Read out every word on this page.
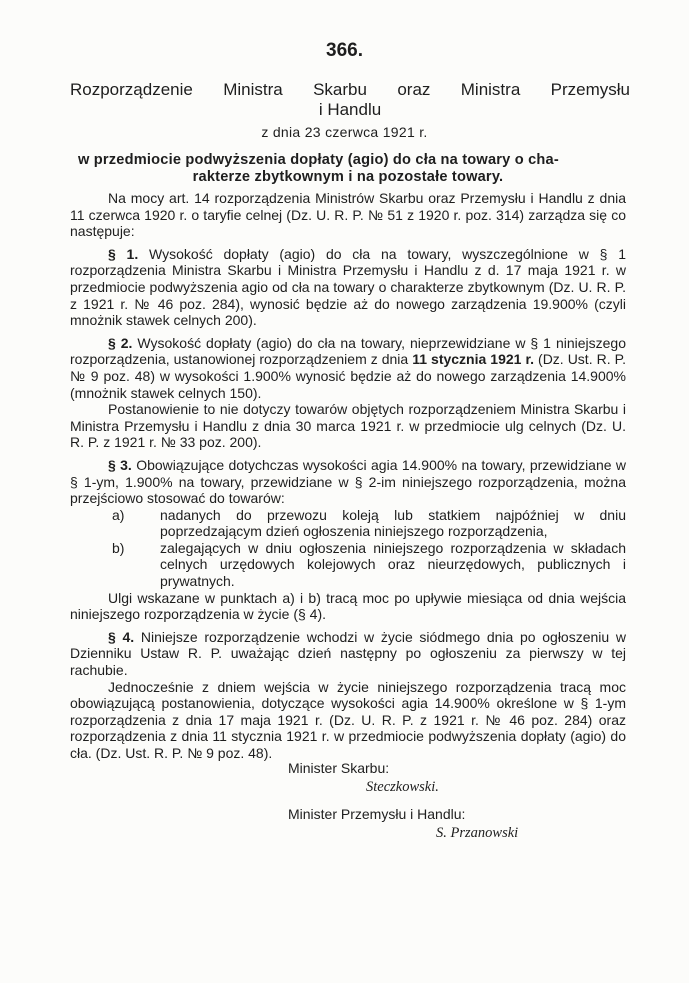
366.
Rozporządzenie Ministra Skarbu oraz Ministra Przemysłu
i Handlu
z dnia 23 czerwca 1921 r.
w przedmiocie podwyższenia dopłaty (agio) do cła na towary o cha-
rakterze zbytkownym i na pozostałe towary.

Na mocy art. 14 rozporządzenia Ministrów Skarbu oraz Przemysłu i Handlu z dnia 11 czerwca 1920 r. o taryfie celnej (Dz. U. R. P. № 51 z 1920 r. poz. 314) zarządza się co następuje:

§ 1. Wysokość dopłaty (agio) do cła na towary, wyszczególnione w § 1 rozporządzenia Ministra Skarbu i Ministra Przemysłu i Handlu z d. 17 maja 1921 r. w przedmiocie podwyższenia agio od cła na towary o charakterze zbytkownym (Dz. U. R. P. z 1921 r. № 46 poz. 284), wynosić będzie aż do nowego zarządzenia 19.900% (czyli mnożnik stawek celnych 200).

§ 2. Wysokość dopłaty (agio) do cła na towary, nieprzewidziane w § 1 niniejszego rozporządzenia, ustanowionej rozporządzeniem z dnia 11 stycznia 1921 r. (Dz. Ust. R. P. № 9 poz. 48) w wysokości 1.900% wynosić będzie aż do nowego zarządzenia 14.900% (mnożnik stawek celnych 150).

Postanowienie to nie dotyczy towarów objętych rozporządzeniem Ministra Skarbu i Ministra Przemysłu i Handlu z dnia 30 marca 1921 r. w przedmiocie ulg celnych (Dz. U. R. P. z 1921 r. № 33 poz. 200).

§ 3. Obowiązujące dotychczas wysokości agia 14.900% na towary, przewidziane w § 1-ym, 1.900% na towary, przewidziane w § 2-im niniejszego rozporządzenia, można przejściowo stosować do towarów:

a)	nadanych do przewozu koleją lub statkiem najpóźniej w dniu poprzedzającym dzień ogłoszenia niniejszego rozporządzenia,
b)	zalegających w dniu ogłoszenia niniejszego rozporządzenia w składach celnych urzędowych kolejowych oraz nieurzędowych, publicznych i prywatnych.

Ulgi wskazane w punktach a) i b) tracą moc po upływie miesiąca od dnia wejścia niniejszego rozporządzenia w życie (§ 4).

§ 4. Niniejsze rozporządzenie wchodzi w życie siódmego dnia po ogłoszeniu w Dzienniku Ustaw R. P. uważając dzień następny po ogłoszeniu za pierwszy w tej rachubie.

Jednocześnie z dniem wejścia w życie niniejszego rozporządzenia tracą moc obowiązującą postanowienia, dotyczące wysokości agia 14.900% określone w § 1-ym rozporządzenia z dnia 17 maja 1921 r. (Dz. U. R. P. z 1921 r. № 46 poz. 284) oraz rozporządzenia z dnia 11 stycznia 1921 r. w przedmiocie podwyższenia dopłaty (agio) do cła. (Dz. Ust. R. P. № 9 poz. 48).

Minister Skarbu:
Steczkowski.
Minister Przemysłu i Handlu:
S. Przanowski
